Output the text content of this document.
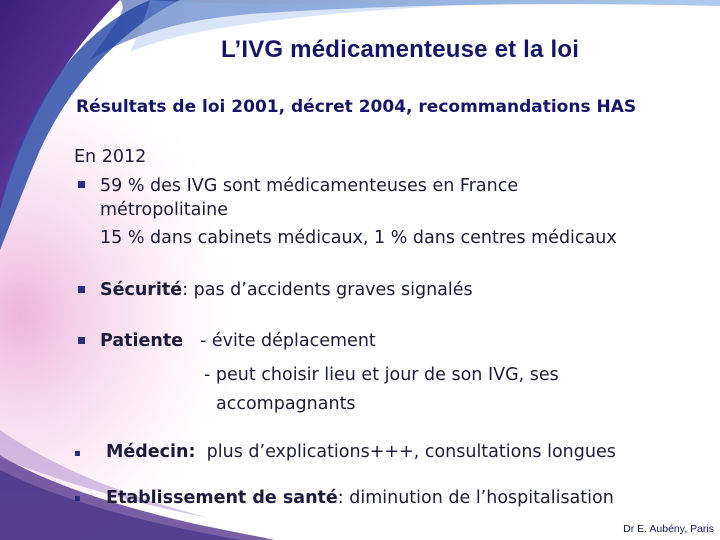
L’IVG médicamenteuse et la loi
Résultats de loi 2001, décret 2004, recommandations HAS
En 2012
59 % des IVG sont médicamenteuses en France
métropolitaine
15 % dans cabinets médicaux, 1 % dans centres médicaux
Sécurité: pas d’accidents graves signalés
Patiente - évite déplacement
- peut choisir lieu et jour de son IVG, ses
accompagnants
Médecin: plus d’explications+++, consultations longues
Etablissement de santé: diminution de l’hospitalisation
Dr E. Aubény, Paris
